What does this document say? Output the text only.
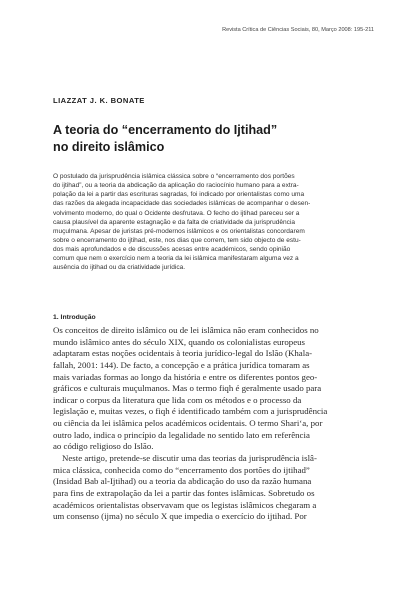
Revista Crítica de Ciências Sociais, 80, Março 2008: 195-211
LIAZZAT J. K. BONATE
A teoria do “encerramento do Ijtihad”
no direito islâmico
O postulado da jurisprudência islâmica clássica sobre o “encerramento dos portões
do ijtihad”, ou a teoria da abdicação da aplicação do raciocínio humano para a extra-
polação da lei a partir das escrituras sagradas, foi indicado por orientalistas como uma
das razões da alegada incapacidade das sociedades islâmicas de acompanhar o desen-
volvimento moderno, do qual o Ocidente desfrutava. O fecho do ijtihad pareceu ser a
causa plausível da aparente estagnação e da falta de criatividade da jurisprudência
muçulmana. Apesar de juristas pré-modernos islâmicos e os orientalistas concordarem
sobre o encerramento do ijtihad, este, nos dias que correm, tem sido objecto de estu-
dos mais aprofundados e de discussões acesas entre académicos, sendo opinião
comum que nem o exercício nem a teoria da lei islâmica manifestaram alguma vez a
ausência do ijtihad ou da criatividade jurídica.
1. Introdução
Os conceitos de direito islâmico ou de lei islâmica não eram conhecidos no
mundo islâmico antes do século XIX, quando os colonialistas europeus
adaptaram estas noções ocidentais à teoria jurídico-legal do Islão (Khala-
fallah, 2001: 144). De facto, a concepção e a prática jurídica tomaram as
mais variadas formas ao longo da história e entre os diferentes pontos geo-
gráficos e culturais muçulmanos. Mas o termo fiqh é geralmente usado para
indicar o corpus da literatura que lida com os métodos e o processo da
legislação e, muitas vezes, o fiqh é identificado também com a jurisprudência
ou ciência da lei islâmica pelos académicos ocidentais. O termo Shari‘a, por
outro lado, indica o princípio da legalidade no sentido lato em referência
ao código religioso do Islão.
Neste artigo, pretende-se discutir uma das teorias da jurisprudência islâ-
mica clássica, conhecida como do “encerramento dos portões do ijtihad”
(Insidad Bab al-Ijtihad) ou a teoria da abdicação do uso da razão humana
para fins de extrapolação da lei a partir das fontes islâmicas. Sobretudo os
académicos orientalistas observavam que os legistas islâmicos chegaram a
um consenso (ijma) no século X que impedia o exercício do ijtihad. Por
